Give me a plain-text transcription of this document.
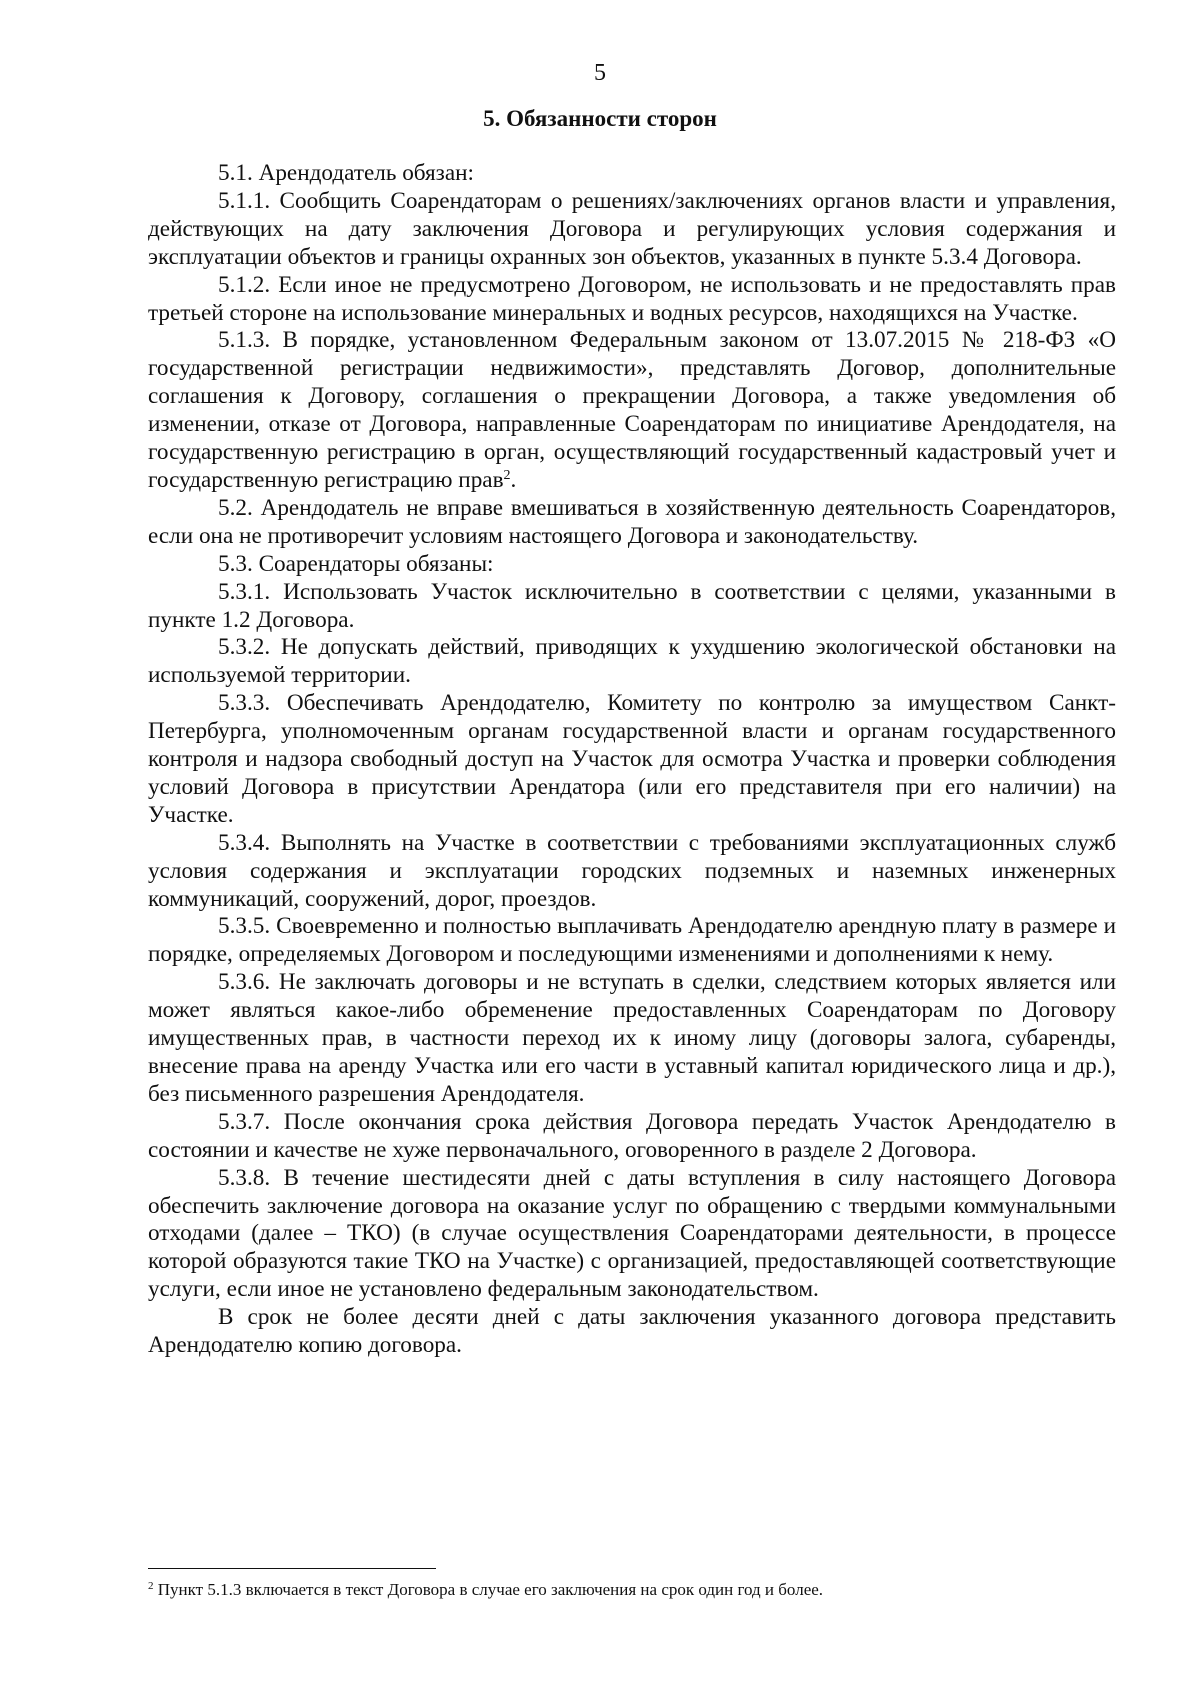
5
5. Обязанности сторон

5.1. Арендодатель обязан:

5.1.1. Сообщить Соарендаторам о решениях/заключениях органов власти и управления, действующих на дату заключения Договора и регулирующих условия содержания и эксплуатации объектов и границы охранных зон объектов, указанных в пункте 5.3.4 Договора.

5.1.2. Если иное не предусмотрено Договором, не использовать и не предоставлять прав третьей стороне на использование минеральных и водных ресурсов, находящихся на Участке.

5.1.3. В порядке, установленном Федеральным законом от 13.07.2015 № 218-ФЗ «О государственной регистрации недвижимости», представлять Договор, дополнительные соглашения к Договору, соглашения о прекращении Договора, а также уведомления об изменении, отказе от Договора, направленные Соарендаторам по инициативе Арендодателя, на государственную регистрацию в орган, осуществляющий государственный кадастровый учет и государственную регистрацию прав$^2$.

5.2. Арендодатель не вправе вмешиваться в хозяйственную деятельность Соарендаторов, если она не противоречит условиям настоящего Договора и законодательству.

5.3. Соарендаторы обязаны:

5.3.1. Использовать Участок исключительно в соответствии с целями, указанными в пункте 1.2 Договора.

5.3.2. Не допускать действий, приводящих к ухудшению экологической обстановки на используемой территории.

5.3.3. Обеспечивать Арендодателю, Комитету по контролю за имуществом Санкт-Петербурга, уполномоченным органам государственной власти и органам государственного контроля и надзора свободный доступ на Участок для осмотра Участка и проверки соблюдения условий Договора в присутствии Арендатора (или его представителя при его наличии) на Участке.

5.3.4. Выполнять на Участке в соответствии с требованиями эксплуатационных служб условия содержания и эксплуатации городских подземных и наземных инженерных коммуникаций, сооружений, дорог, проездов.

5.3.5. Своевременно и полностью выплачивать Арендодателю арендную плату в размере и порядке, определяемых Договором и последующими изменениями и дополнениями к нему.

5.3.6. Не заключать договоры и не вступать в сделки, следствием которых является или может являться какое-либо обременение предоставленных Соарендаторам по Договору имущественных прав, в частности переход их к иному лицу (договоры залога, субаренды, внесение права на аренду Участка или его части в уставный капитал юридического лица и др.), без письменного разрешения Арендодателя.

5.3.7. После окончания срока действия Договора передать Участок Арендодателю в состоянии и качестве не хуже первоначального, оговоренного в разделе 2 Договора.

5.3.8. В течение шестидесяти дней с даты вступления в силу настоящего Договора обеспечить заключение договора на оказание услуг по обращению с твердыми коммунальными отходами (далее – ТКО) (в случае осуществления Соарендаторами деятельности, в процессе которой образуются такие ТКО на Участке) с организацией, предоставляющей соответствующие услуги, если иное не установлено федеральным законодательством.

В срок не более десяти дней с даты заключения указанного договора представить Арендодателю копию договора.

$^2$ Пункт 5.1.3 включается в текст Договора в случае его заключения на срок один год и более.
